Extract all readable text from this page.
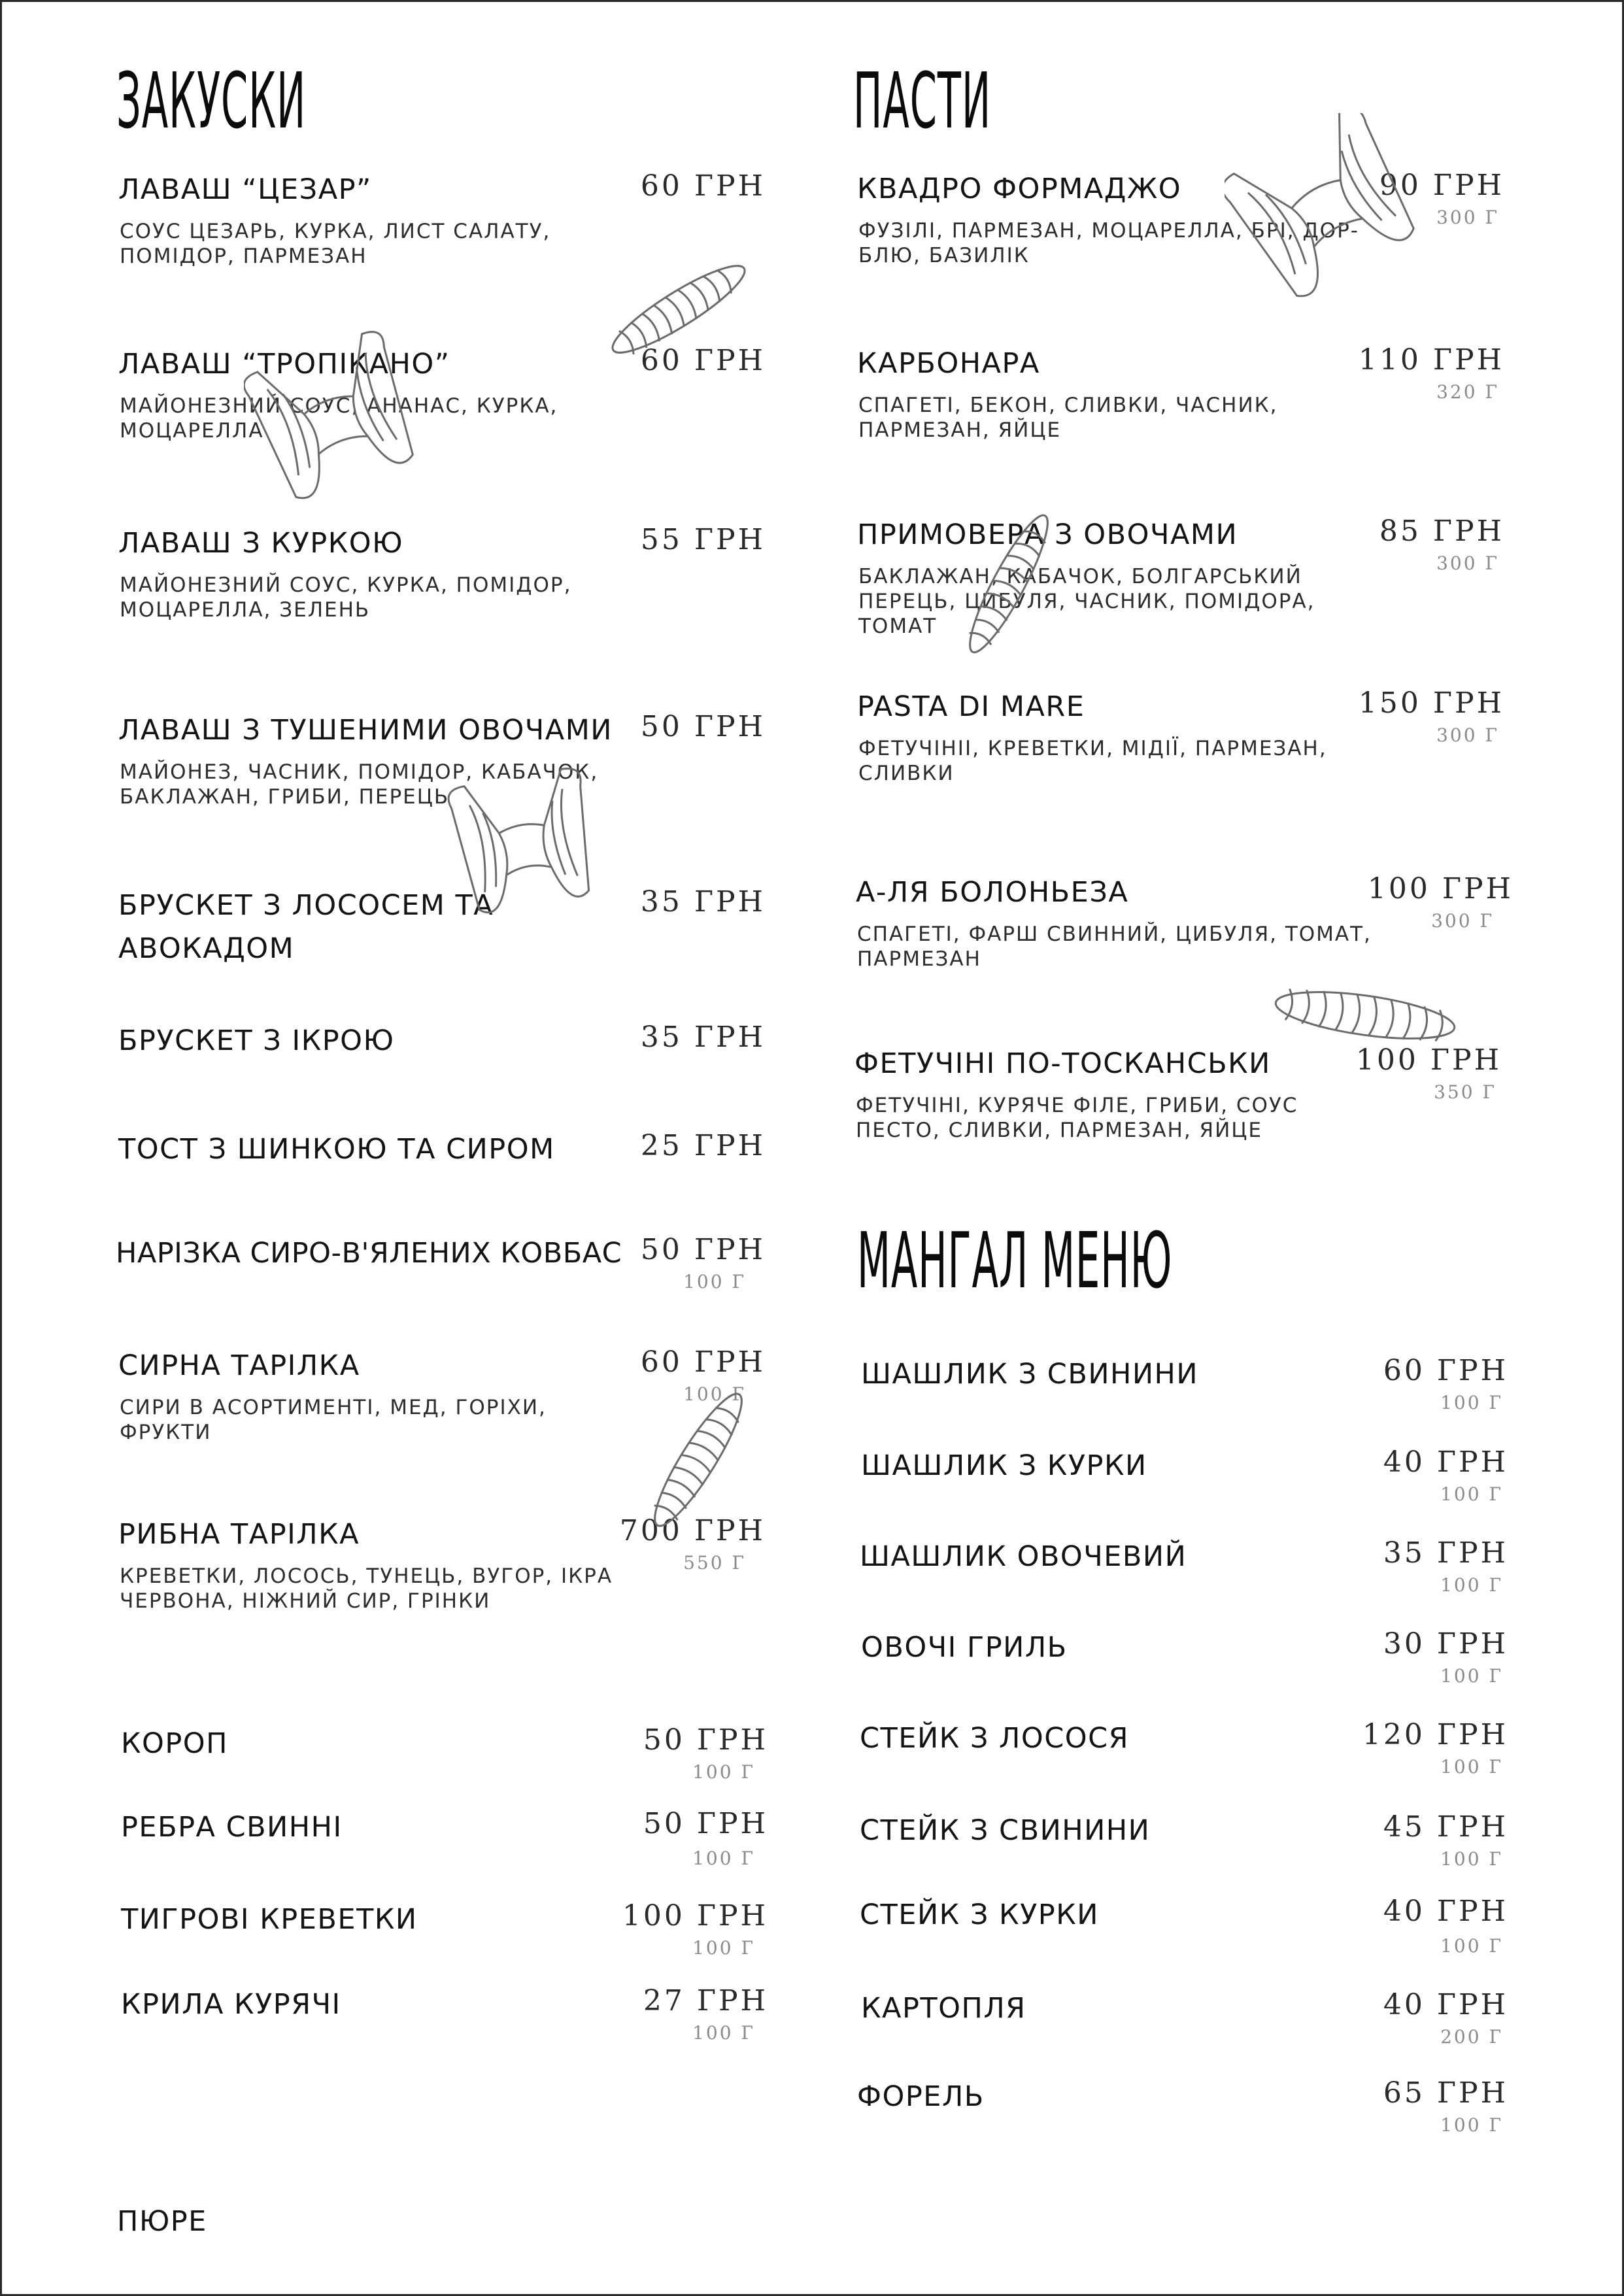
ЗАКУСКИ
ЛАВАШ “ЦЕЗАР”	60 ГРН
СОУС ЦЕЗАРЬ, КУРКА, ЛИСТ САЛАТУ, ПОМІДОР, ПАРМЕЗАН
ЛАВАШ “ТРОПІКАНО”	60 ГРН
МАЙОНЕЗНИЙ СОУС, АНАНАС, КУРКА, МОЦАРЕЛЛА
ЛАВАШ З КУРКОЮ	55 ГРН
МАЙОНЕЗНИЙ СОУС, КУРКА, ПОМІДОР, МОЦАРЕЛЛА, ЗЕЛЕНЬ
ЛАВАШ З ТУШЕНИМИ ОВОЧАМИ 50 ГРН
МАЙОНЕЗ, ЧАСНИК, ПОМІДОР, КАБАЧОК, БАКЛАЖАН, ГРИБИ, ПЕРЕЦЬ
БРУСКЕТ З ЛОСОСЕМ ТА АВОКАДОМ
35 ГРН
БРУСКЕТ З ІКРОЮ	35 ГРН
ТОСТ З ШИНКОЮ ТА СИРОМ	25 ГРН
НАРІЗКА СИРО-В'ЯЛЕНИХ КОВБАС 50 ГРН
100 Г
СИРНА ТАРІЛКА	60 ГРН
100 Г
СИРИ В АСОРТИМЕНТІ, МЕД, ГОРІХИ, ФРУКТИ
РИБНА ТАРІЛКА	700 ГРН
550 Г
КРЕВЕТКИ, ЛОСОСЬ, ТУНЕЦЬ, ВУГОР, ІКРА ЧЕРВОНА, НІЖНИЙ СИР, ГРІНКИ
КОРОП	50 ГРН
100 Г
РЕБРА СВИННІ	50 ГРН
100 Г
ТИГРОВІ КРЕВЕТКИ	100 ГРН
100 Г
КРИЛА КУРЯЧІ	27 ГРН
100 Г
ПЮРЕ
ПАСТИ
КВАДРО ФОРМАДЖО	90 ГРН
300 Г
ФУЗІЛІ, ПАРМЕЗАН, МОЦАРЕЛЛА, БРІ, ДОР-БЛЮ, БАЗИЛІК
КАРБОНАРА	110 ГРН
320 Г
СПАГЕТІ, БЕКОН, СЛИВКИ, ЧАСНИК, ПАРМЕЗАН, ЯЙЦЕ
ПРИМОВЕРА З ОВОЧАМИ	85 ГРН
300 Г
БАКЛАЖАН, КАБАЧОК, БОЛГАРСЬКИЙ ПЕРЕЦЬ, ЦИБУЛЯ, ЧАСНИК, ПОМІДОРА, ТОМАТ
PASTA DI MARE	150 ГРН
300 Г
ФЕТУЧІНІІ, КРЕВЕТКИ, МІДІЇ, ПАРМЕЗАН, СЛИВКИ
А-ЛЯ БОЛОНЬЕЗА	100 ГРН
300 Г
СПАГЕТІ, ФАРШ СВИННИЙ, ЦИБУЛЯ, ТОМАТ, ПАРМЕЗАН
ФЕТУЧІНІ ПО-ТОСКАНСЬКИ	100 ГРН
350 Г
ФЕТУЧІНІ, КУРЯЧЕ ФІЛЕ, ГРИБИ, СОУС ПЕСТО, СЛИВКИ, ПАРМЕЗАН, ЯЙЦЕ
МАНГАЛ МЕНЮ
ШАШЛИК З СВИНИНИ	60 ГРН
100 Г
ШАШЛИК З КУРКИ	40 ГРН
100 Г
ШАШЛИК ОВОЧЕВИЙ	35 ГРН
100 Г
ОВОЧІ ГРИЛЬ	30 ГРН
100 Г
СТЕЙК З ЛОСОСЯ	120 ГРН
100 Г
СТЕЙК З СВИНИНИ	45 ГРН
100 Г
СТЕЙК З КУРКИ	40 ГРН
100 Г
КАРТОПЛЯ	40 ГРН
200 Г
ФОРЕЛЬ	65 ГРН
100 Г
